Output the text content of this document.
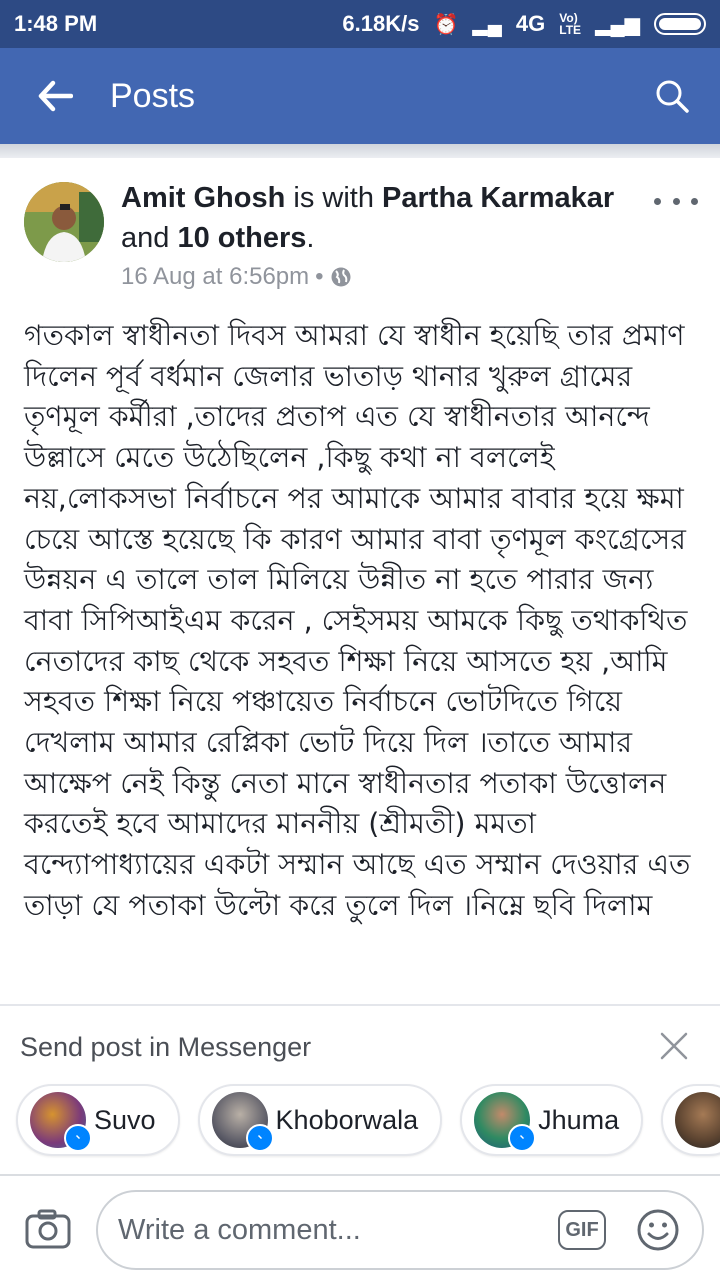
1:48 PM	6.18K/s ⏰ ▂▄ 4G Vo)
LTE ▂▄▆
Posts
Amit Ghosh is with Partha Karmakar and 10 others.
16 Aug at 6:56pm •
গতকাল স্বাধীনতা দিবস আমরা যে স্বাধীন হয়েছি তার প্রমাণ দিলেন পূর্ব বর্ধমান জেলার ভাতাড় থানার খুরুল গ্রামের তৃণমূল কর্মীরা ,তাদের প্রতাপ এত যে স্বাধীনতার আনন্দে উল্লাসে মেতে উঠেছিলেন ,কিছু কথা না বললেই নয়,লোকসভা নির্বাচনে পর আমাকে আমার বাবার হয়ে ক্ষমা চেয়ে আস্তে হয়েছে কি কারণ আমার বাবা তৃণমূল কংগ্রেসের উন্নয়ন এ তালে তাল মিলিয়ে উন্নীত না হতে পারার জন্য বাবা সিপিআইএম করেন , সেইসময় আমকে কিছু তথাকথিত নেতাদের কাছ থেকে সহবত শিক্ষা নিয়ে আসতে হয় ,আমি সহবত শিক্ষা নিয়ে পঞ্চায়েত নির্বাচনে ভোটদিতে গিয়ে দেখলাম আমার রেপ্লিকা ভোট দিয়ে দিল ।তাতে আমার আক্ষেপ নেই কিন্তু নেতা মানে স্বাধীনতার পতাকা উত্তোলন করতেই হবে আমাদের মাননীয় (শ্রীমতী) মমতা বন্দ্যোপাধ্যায়ের একটা সম্মান আছে এত সম্মান দেওয়ার এত তাড়া যে পতাকা উল্টো করে তুলে দিল ।নিম্নে ছবি দিলাম
Send post in Messenger
Suvo	Khoborwala	Jhuma
Write a comment...	GIF
